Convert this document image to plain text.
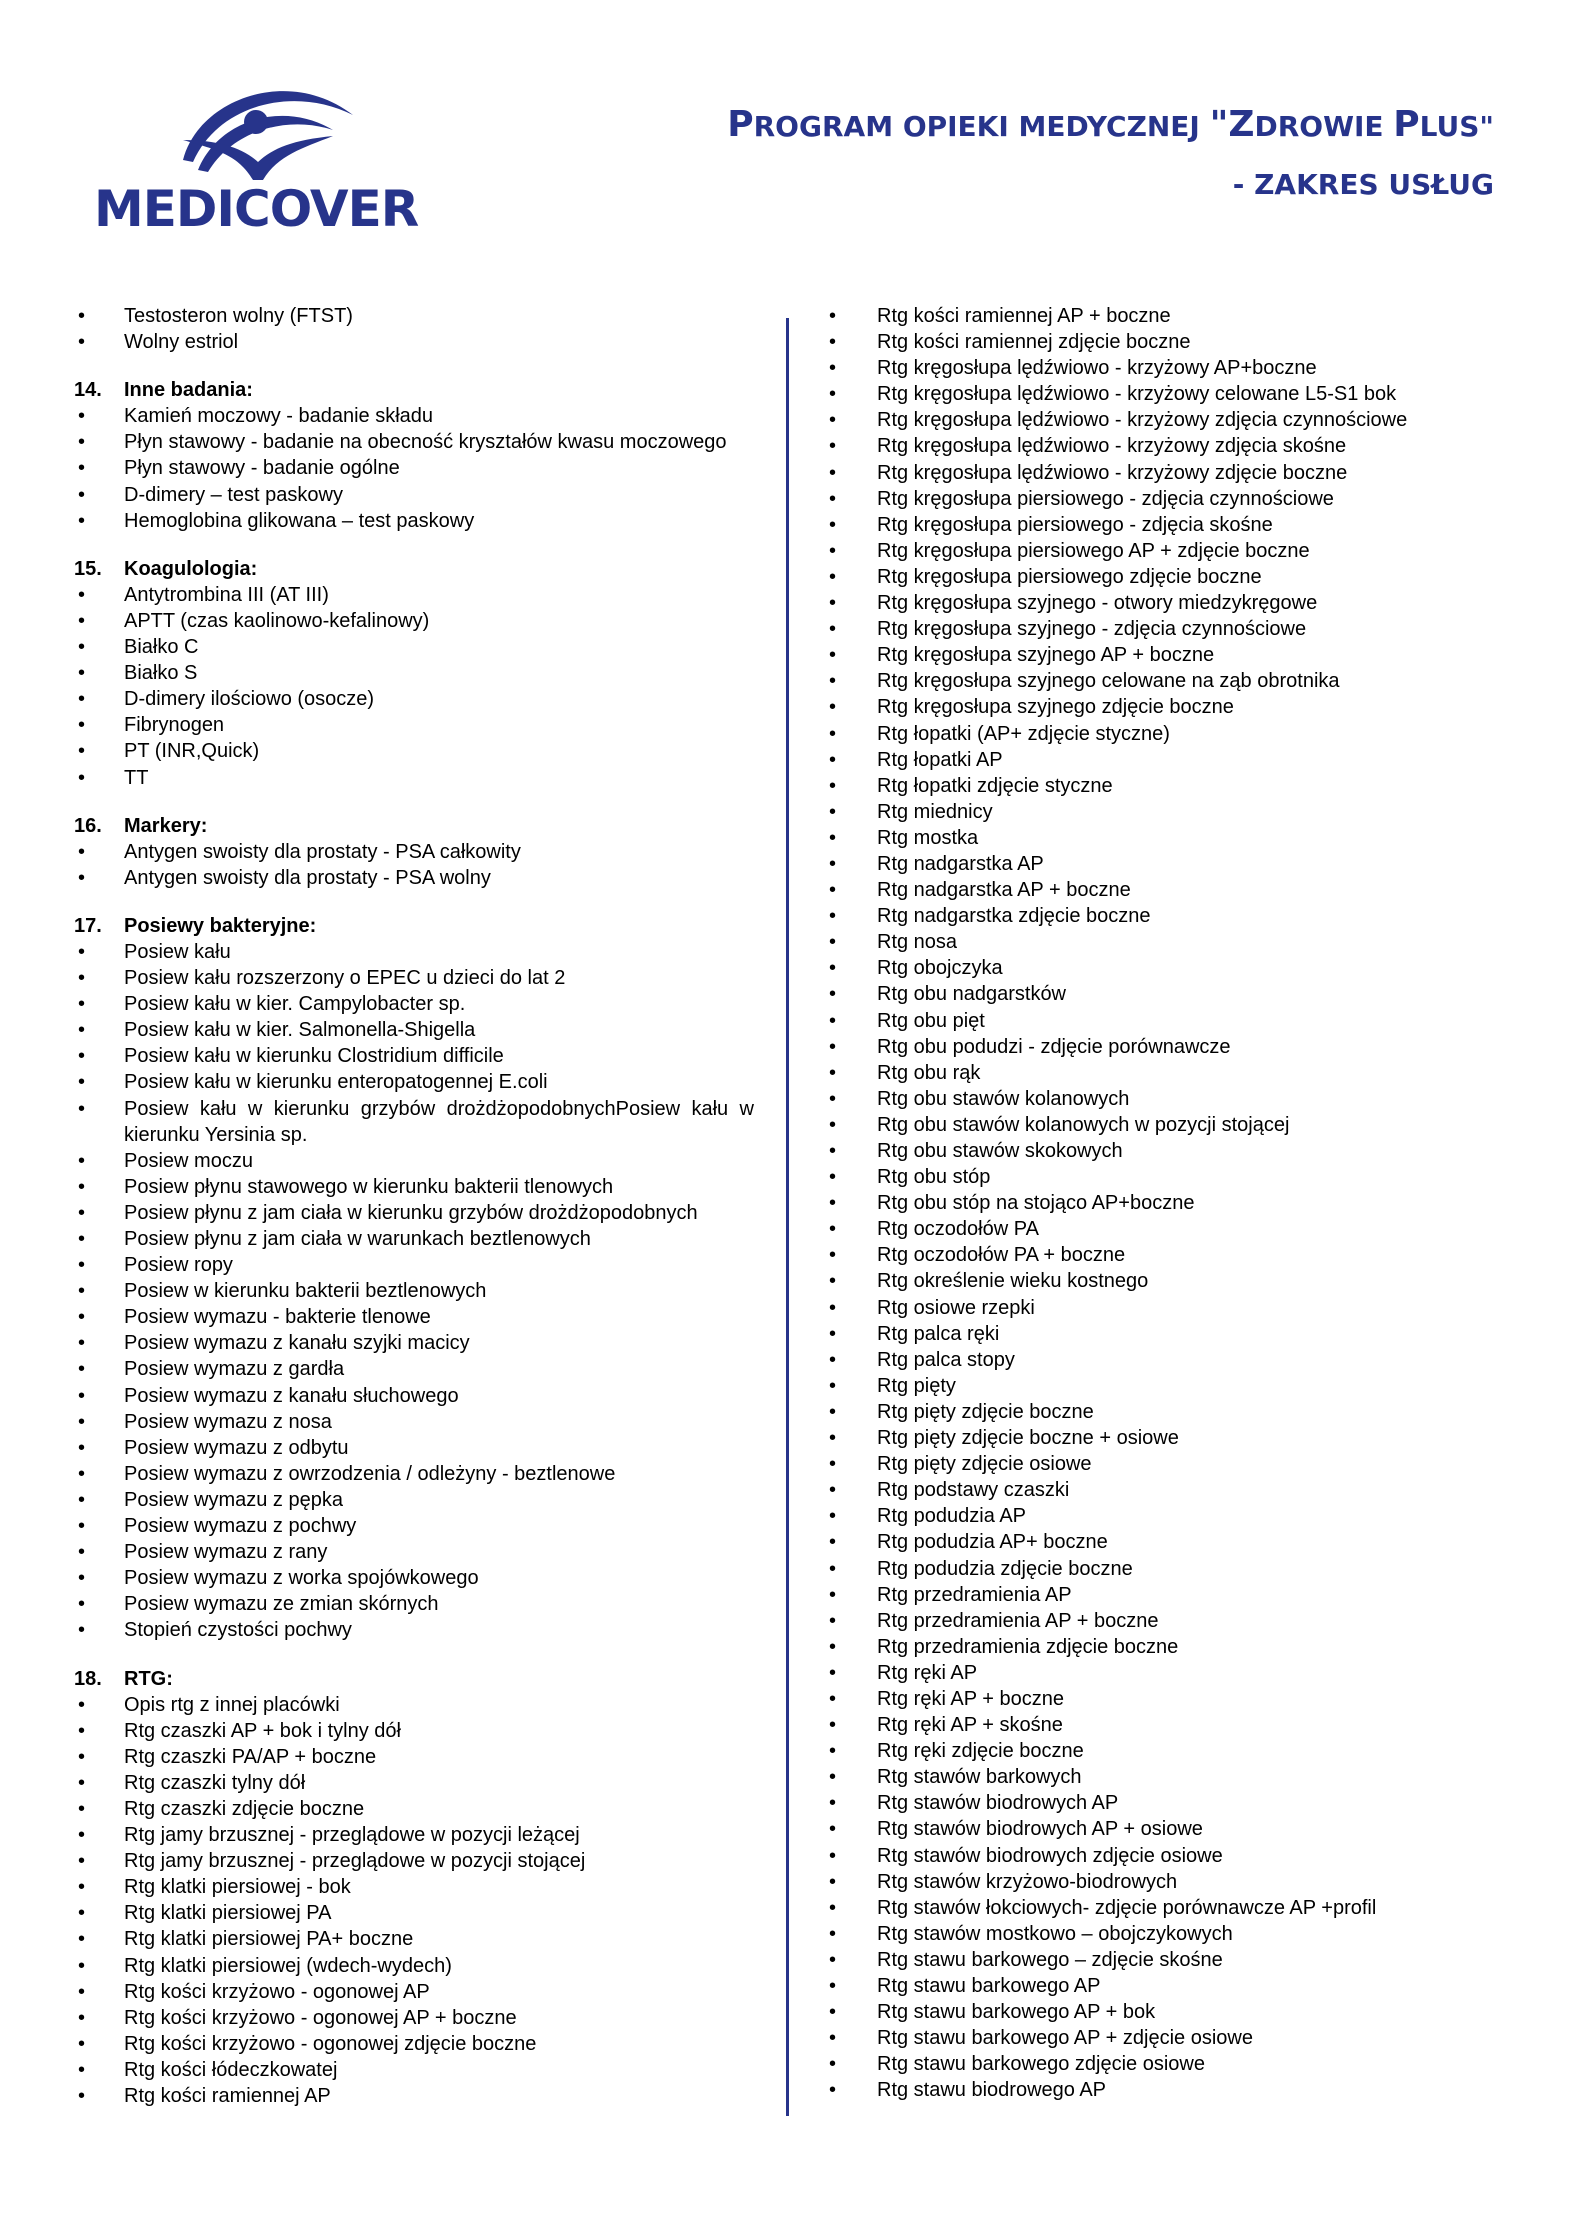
MEDICOVER
PROGRAM OPIEKI MEDYCZNEJ "ZDROWIE PLUS"
- ZAKRES USŁUG
• Testosteron wolny (FTST)
• Wolny estriol
14. Inne badania:
• Kamień moczowy - badanie składu
• Płyn stawowy - badanie na obecność kryształów kwasu moczowego
• Płyn stawowy - badanie ogólne
• D-dimery – test paskowy
• Hemoglobina glikowana – test paskowy
15. Koagulologia:
• Antytrombina III (AT III)
• APTT (czas kaolinowo-kefalinowy)
• Białko C
• Białko S
• D-dimery ilościowo (osocze)
• Fibrynogen
• PT (INR,Quick)
• TT
16. Markery:
• Antygen swoisty dla prostaty - PSA całkowity
• Antygen swoisty dla prostaty - PSA wolny
17. Posiewy bakteryjne:
• Posiew kału
• Posiew kału rozszerzony o EPEC u dzieci do lat 2
• Posiew kału w kier. Campylobacter sp.
• Posiew kału w kier. Salmonella-Shigella
• Posiew kału w kierunku Clostridium difficile
• Posiew kału w kierunku enteropatogennej E.coli
• Posiew kału w kierunku grzybów drożdżopodobnychPosiew kału w kierunku Yersinia sp.
• Posiew moczu
• Posiew płynu stawowego w kierunku bakterii tlenowych
• Posiew płynu z jam ciała w kierunku grzybów drożdżopodobnych
• Posiew płynu z jam ciała w warunkach beztlenowych
• Posiew ropy
• Posiew w kierunku bakterii beztlenowych
• Posiew wymazu - bakterie tlenowe
• Posiew wymazu z kanału szyjki macicy
• Posiew wymazu z gardła
• Posiew wymazu z kanału słuchowego
• Posiew wymazu z nosa
• Posiew wymazu z odbytu
• Posiew wymazu z owrzodzenia / odleżyny - beztlenowe
• Posiew wymazu z pępka
• Posiew wymazu z pochwy
• Posiew wymazu z rany
• Posiew wymazu z worka spojówkowego
• Posiew wymazu ze zmian skórnych
• Stopień czystości pochwy
18. RTG:
• Opis rtg z innej placówki
• Rtg czaszki AP + bok i tylny dół
• Rtg czaszki PA/AP + boczne
• Rtg czaszki tylny dół
• Rtg czaszki zdjęcie boczne
• Rtg jamy brzusznej - przeglądowe w pozycji leżącej
• Rtg jamy brzusznej - przeglądowe w pozycji stojącej
• Rtg klatki piersiowej - bok
• Rtg klatki piersiowej PA
• Rtg klatki piersiowej PA+ boczne
• Rtg klatki piersiowej (wdech-wydech)
• Rtg kości krzyżowo - ogonowej AP
• Rtg kości krzyżowo - ogonowej AP + boczne
• Rtg kości krzyżowo - ogonowej zdjęcie boczne
• Rtg kości łódeczkowatej
• Rtg kości ramiennej AP
• Rtg kości ramiennej AP + boczne
• Rtg kości ramiennej zdjęcie boczne
• Rtg kręgosłupa lędźwiowo - krzyżowy AP+boczne
• Rtg kręgosłupa lędźwiowo - krzyżowy celowane L5-S1 bok
• Rtg kręgosłupa lędźwiowo - krzyżowy zdjęcia czynnościowe
• Rtg kręgosłupa lędźwiowo - krzyżowy zdjęcia skośne
• Rtg kręgosłupa lędźwiowo - krzyżowy zdjęcie boczne
• Rtg kręgosłupa piersiowego - zdjęcia czynnościowe
• Rtg kręgosłupa piersiowego - zdjęcia skośne
• Rtg kręgosłupa piersiowego AP + zdjęcie boczne
• Rtg kręgosłupa piersiowego zdjęcie boczne
• Rtg kręgosłupa szyjnego - otwory miedzykręgowe
• Rtg kręgosłupa szyjnego - zdjęcia czynnościowe
• Rtg kręgosłupa szyjnego AP + boczne
• Rtg kręgosłupa szyjnego celowane na ząb obrotnika
• Rtg kręgosłupa szyjnego zdjęcie boczne
• Rtg łopatki (AP+ zdjęcie styczne)
• Rtg łopatki AP
• Rtg łopatki zdjęcie styczne
• Rtg miednicy
• Rtg mostka
• Rtg nadgarstka AP
• Rtg nadgarstka AP + boczne
• Rtg nadgarstka zdjęcie boczne
• Rtg nosa
• Rtg obojczyka
• Rtg obu nadgarstków
• Rtg obu pięt
• Rtg obu podudzi - zdjęcie porównawcze
• Rtg obu rąk
• Rtg obu stawów kolanowych
• Rtg obu stawów kolanowych w pozycji stojącej
• Rtg obu stawów skokowych
• Rtg obu stóp
• Rtg obu stóp na stojąco AP+boczne
• Rtg oczodołów PA
• Rtg oczodołów PA + boczne
• Rtg określenie wieku kostnego
• Rtg osiowe rzepki
• Rtg palca ręki
• Rtg palca stopy
• Rtg pięty
• Rtg pięty zdjęcie boczne
• Rtg pięty zdjęcie boczne + osiowe
• Rtg pięty zdjęcie osiowe
• Rtg podstawy czaszki
• Rtg podudzia AP
• Rtg podudzia AP+ boczne
• Rtg podudzia zdjęcie boczne
• Rtg przedramienia AP
• Rtg przedramienia AP + boczne
• Rtg przedramienia zdjęcie boczne
• Rtg ręki AP
• Rtg ręki AP + boczne
• Rtg ręki AP + skośne
• Rtg ręki zdjęcie boczne
• Rtg stawów barkowych
• Rtg stawów biodrowych AP
• Rtg stawów biodrowych AP + osiowe
• Rtg stawów biodrowych zdjęcie osiowe
• Rtg stawów krzyżowo-biodrowych
• Rtg stawów łokciowych- zdjęcie porównawcze AP +profil
• Rtg stawów mostkowo – obojczykowych
• Rtg stawu barkowego – zdjęcie skośne
• Rtg stawu barkowego AP
• Rtg stawu barkowego AP + bok
• Rtg stawu barkowego AP + zdjęcie osiowe
• Rtg stawu barkowego zdjęcie osiowe
• Rtg stawu biodrowego AP
